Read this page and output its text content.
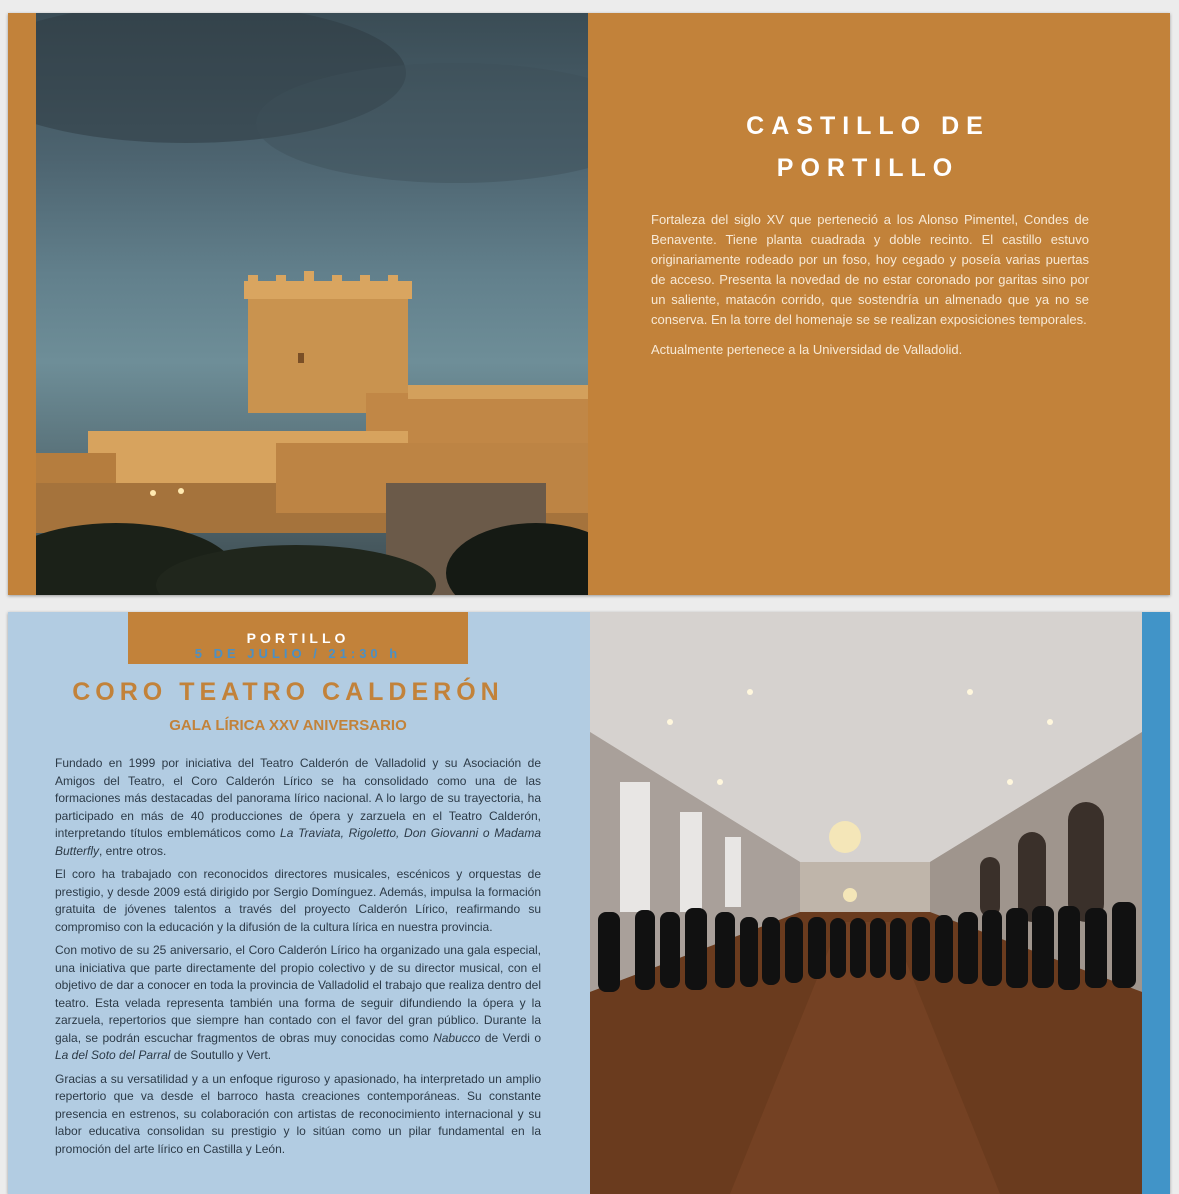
CASTILLO DE
PORTILLO

Fortaleza del siglo XV que perteneció a los Alonso Pimentel, Condes de Benavente. Tiene planta cuadrada y doble recinto. El castillo estuvo originariamente rodeado por un foso, hoy cegado y poseía varias puertas de acceso. Presenta la novedad de no estar coronado por garitas sino por un saliente, matacón corrido, que sostendría un almenado que ya no se conserva. En la torre del homenaje se se realizan exposiciones temporales.

Actualmente pertenece a la Universidad de Valladolid.

PORTILLO
5 DE JULIO / 21:30 h
CORO TEATRO CALDERÓN
GALA LÍRICA XXV ANIVERSARIO

Fundado en 1999 por iniciativa del Teatro Calderón de Valladolid y su Asociación de Amigos del Teatro, el Coro Calderón Lírico se ha consolidado como una de las formaciones más destacadas del panorama lírico nacional. A lo largo de su trayectoria, ha participado en más de 40 producciones de ópera y zarzuela en el Teatro Calderón, interpretando títulos emblemáticos como La Traviata, Rigoletto, Don Giovanni o Madama Butterfly, entre otros.

El coro ha trabajado con reconocidos directores musicales, escénicos y orquestas de prestigio, y desde 2009 está dirigido por Sergio Domínguez. Además, impulsa la formación gratuita de jóvenes talentos a través del proyecto Calderón Lírico, reafirmando su compromiso con la educación y la difusión de la cultura lírica en nuestra provincia.

Con motivo de su 25 aniversario, el Coro Calderón Lírico ha organizado una gala especial, una iniciativa que parte directamente del propio colectivo y de su director musical, con el objetivo de dar a conocer en toda la provincia de Valladolid el trabajo que realiza dentro del teatro. Esta velada representa también una forma de seguir difundiendo la ópera y la zarzuela, repertorios que siempre han contado con el favor del gran público. Durante la gala, se podrán escuchar fragmentos de obras muy conocidas como Nabucco de Verdi o La del Soto del Parral de Soutullo y Vert.

Gracias a su versatilidad y a un enfoque riguroso y apasionado, ha interpretado un amplio repertorio que va desde el barroco hasta creaciones contemporáneas. Su constante presencia en estrenos, su colaboración con artistas de reconocimiento internacional y su labor educativa consolidan su prestigio y lo sitúan como un pilar fundamental en la promoción del arte lírico en Castilla y León.
